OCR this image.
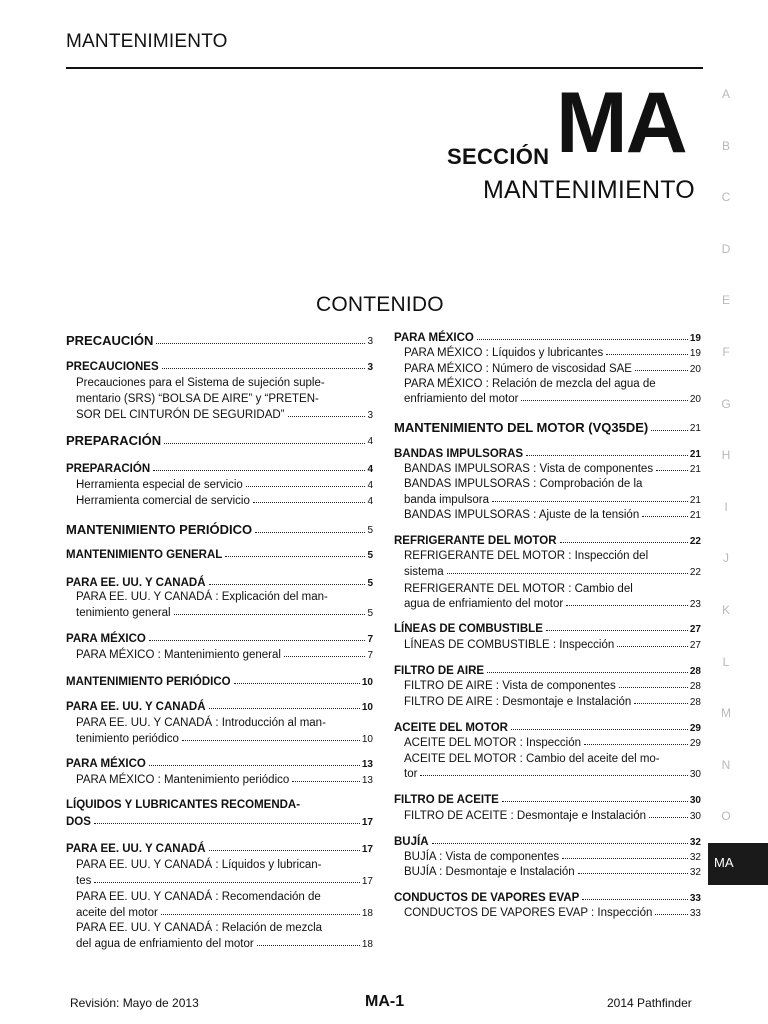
MANTENIMIENTO
A
B
C
D
E
F
G
H
I
J
K
L
M
N
O
MA
SECCIÓN MA
MANTENIMIENTO
CONTENIDO
PRECAUCIÓN	3
PRECAUCIONES	3
Precauciones para el Sistema de sujeción suple-
mentario (SRS) “BOLSA DE AIRE” y “PRETEN-
SOR DEL CINTURÓN DE SEGURIDAD”	3
PREPARACIÓN	4
PREPARACIÓN	4
Herramienta especial de servicio	4
Herramienta comercial de servicio	4
MANTENIMIENTO PERIÓDICO	5
MANTENIMIENTO GENERAL	5
PARA EE. UU. Y CANADÁ	5
PARA EE. UU. Y CANADÁ : Explicación del man-
tenimiento general	5
PARA MÉXICO	7
PARA MÉXICO : Mantenimiento general	7
MANTENIMIENTO PERIÓDICO	10
PARA EE. UU. Y CANADÁ	10
PARA EE. UU. Y CANADÁ : Introducción al man-
tenimiento periódico	10
PARA MÉXICO	13
PARA MÉXICO : Mantenimiento periódico	13
LÍQUIDOS Y LUBRICANTES RECOMENDA-
DOS	17
PARA EE. UU. Y CANADÁ	17
PARA EE. UU. Y CANADÁ : Líquidos y lubrican-
tes	17
PARA EE. UU. Y CANADÁ : Recomendación de
aceite del motor	18
PARA EE. UU. Y CANADÁ : Relación de mezcla
del agua de enfriamiento del motor	18
PARA MÉXICO	19
PARA MÉXICO : Líquidos y lubricantes	19
PARA MÉXICO : Número de viscosidad SAE	20
PARA MÉXICO : Relación de mezcla del agua de
enfriamiento del motor	20
MANTENIMIENTO DEL MOTOR (VQ35DE)	21
BANDAS IMPULSORAS	21
BANDAS IMPULSORAS : Vista de componentes	21
BANDAS IMPULSORAS : Comprobación de la
banda impulsora	21
BANDAS IMPULSORAS : Ajuste de la tensión	21
REFRIGERANTE DEL MOTOR	22
REFRIGERANTE DEL MOTOR : Inspección del
sistema	22
REFRIGERANTE DEL MOTOR : Cambio del
agua de enfriamiento del motor	23
LÍNEAS DE COMBUSTIBLE	27
LÍNEAS DE COMBUSTIBLE : Inspección	27
FILTRO DE AIRE	28
FILTRO DE AIRE : Vista de componentes	28
FILTRO DE AIRE : Desmontaje e Instalación	28
ACEITE DEL MOTOR	29
ACEITE DEL MOTOR : Inspección	29
ACEITE DEL MOTOR : Cambio del aceite del mo-
tor	30
FILTRO DE ACEITE	30
FILTRO DE ACEITE : Desmontaje e Instalación	30
BUJÍA	32
BUJÍA : Vista de componentes	32
BUJÍA : Desmontaje e Instalación	32
CONDUCTOS DE VAPORES EVAP	33
CONDUCTOS DE VAPORES EVAP : Inspección	33
Revisión: Mayo de 2013	MA-1	2014 Pathfinder
